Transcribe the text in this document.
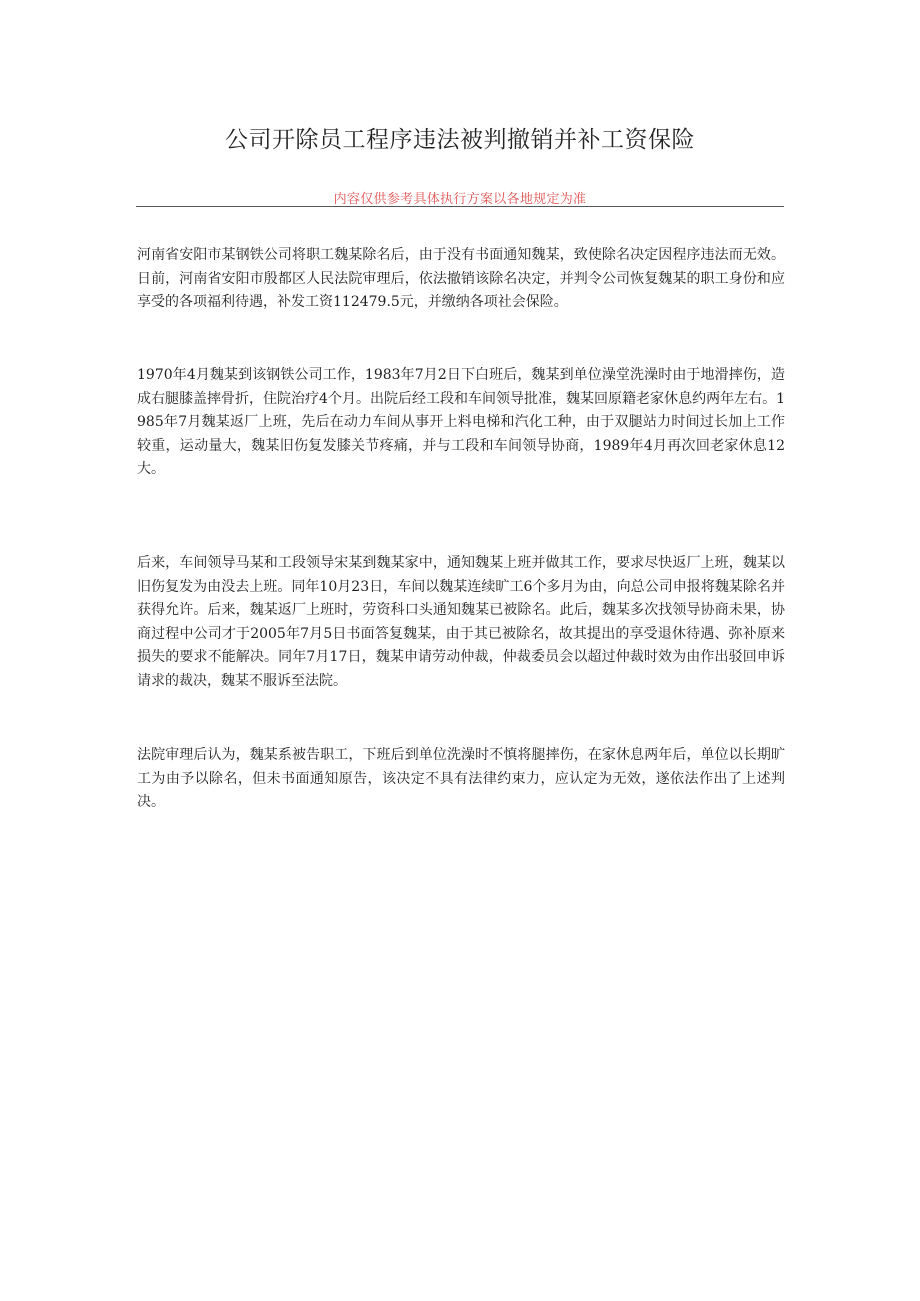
公司开除员工程序违法被判撤销并补工资保险
内容仅供参考具体执行方案以各地规定为准

河南省安阳市某钢铁公司将职工魏某除名后，由于没有书面通知魏某，致使除名决定因程序违法而无效。日前，河南省安阳市殷都区人民法院审理后，依法撤销该除名决定，并判令公司恢复魏某的职工身份和应享受的各项福利待遇，补发工资112479.5元，并缴纳各项社会保险。

1970年4月魏某到该钢铁公司工作，1983年7月2日下白班后，魏某到单位澡堂洗澡时由于地滑摔伤，造成右腿膝盖摔骨折，住院治疗4个月。出院后经工段和车间领导批准，魏某回原籍老家休息约两年左右。1985年7月魏某返厂上班，先后在动力车间从事开上料电梯和汽化工种，由于双腿站力时间过长加上工作较重，运动量大，魏某旧伤复发膝关节疼痛，并与工段和车间领导协商，1989年4月再次回老家休息12大。

后来，车间领导马某和工段领导宋某到魏某家中，通知魏某上班并做其工作，要求尽快返厂上班，魏某以旧伤复发为由没去上班。同年10月23日，车间以魏某连续旷工6个多月为由，向总公司申报将魏某除名并获得允许。后来，魏某返厂上班时，劳资科口头通知魏某已被除名。此后，魏某多次找领导协商未果，协商过程中公司才于2005年7月5日书面答复魏某，由于其已被除名，故其提出的享受退休待遇、弥补原来损失的要求不能解决。同年7月17日，魏某申请劳动仲裁，仲裁委员会以超过仲裁时效为由作出驳回申诉请求的裁决，魏某不服诉至法院。

法院审理后认为，魏某系被告职工，下班后到单位洗澡时不慎将腿摔伤，在家休息两年后，单位以长期旷工为由予以除名，但未书面通知原告，该决定不具有法律约束力，应认定为无效，遂依法作出了上述判决。
